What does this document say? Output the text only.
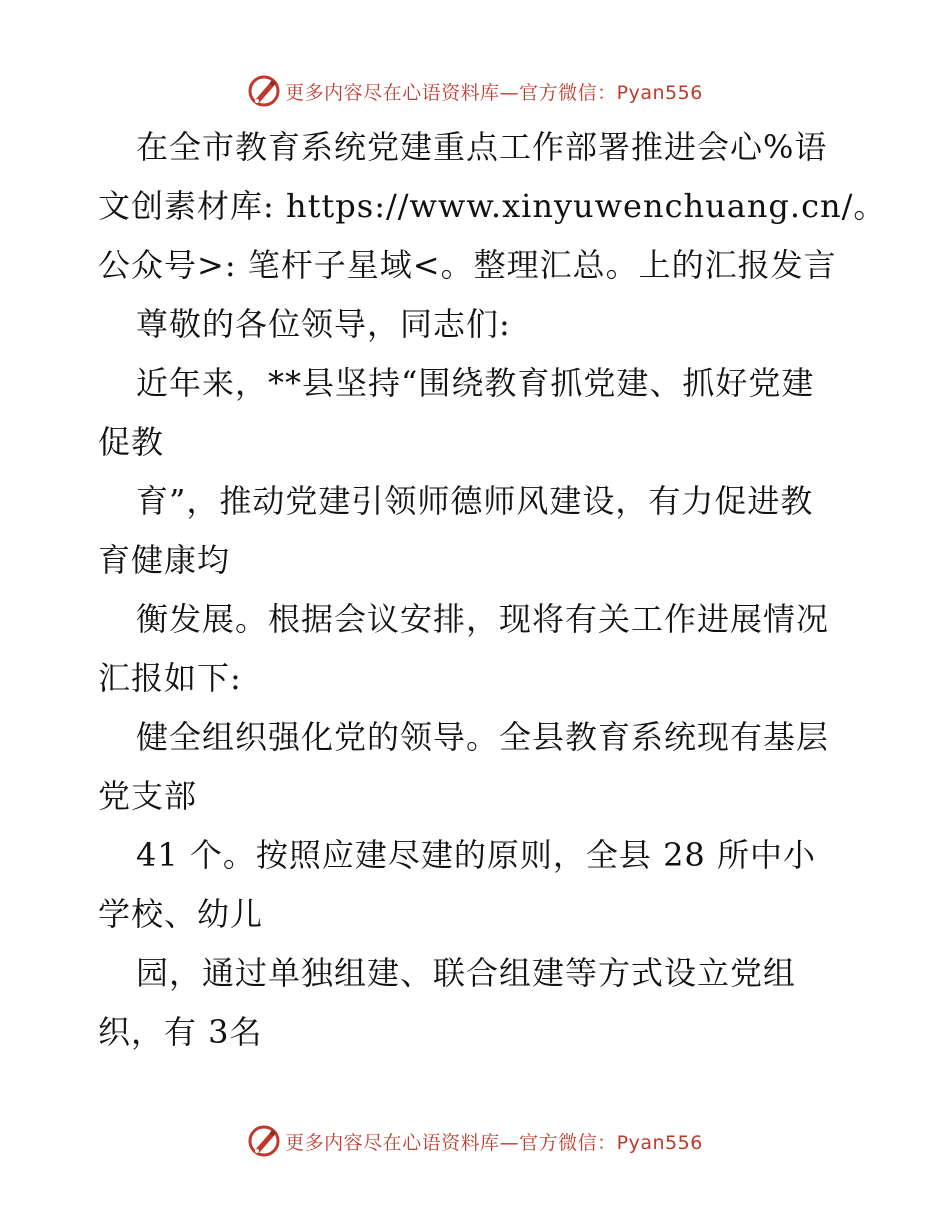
更多内容尽在心语资料库—官方微信：Pyan556
在全市教育系统党建重点工作部署推进会心%语
文创素材库: https://www.xinyuwenchuang.cn/。
公众号>: 笔杆子星域<。整理汇总。上的汇报发言
尊敬的各位领导，同志们:
近年来，**县坚持“围绕教育抓党建、抓好党建
促教
育”，推动党建引领师德师风建设，有力促进教
育健康均
衡发展。根据会议安排，现将有关工作进展情况
汇报如下:
健全组织强化党的领导。全县教育系统现有基层
党支部
41 个。按照应建尽建的原则，全县 28 所中小
学校、幼儿
园，通过单独组建、联合组建等方式设立党组
织，有 3名
更多内容尽在心语资料库—官方微信：Pyan556
